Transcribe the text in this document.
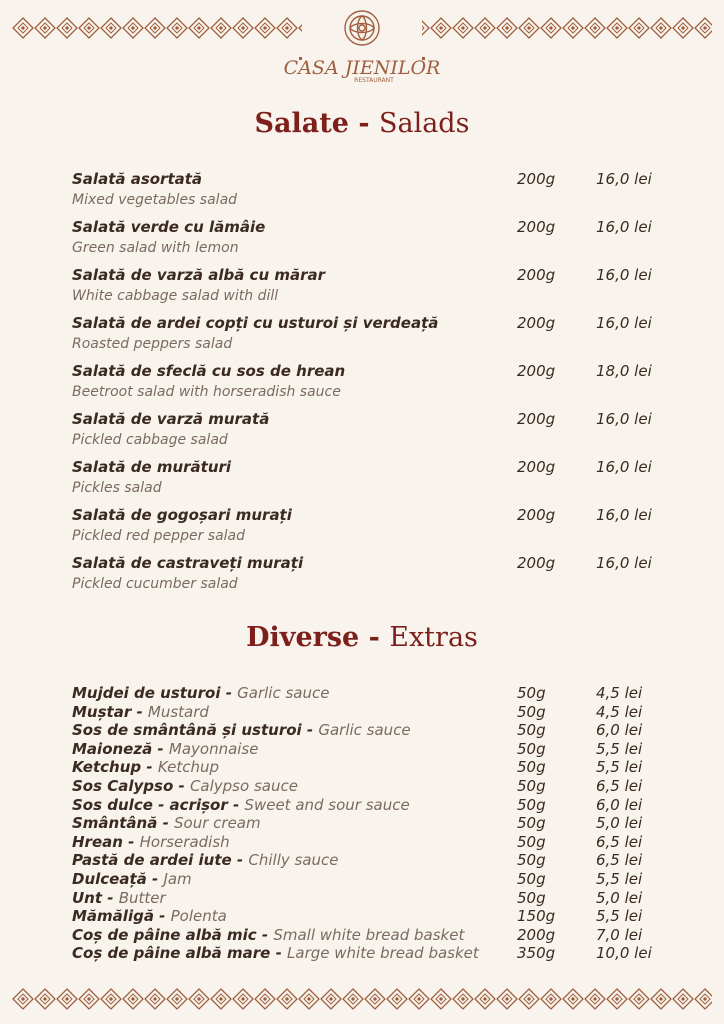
CASA JIENILOR
RESTAURANT
Salate - Salads
Salată asortată
Mixed vegetables salad
200g	16,0 lei
Salată verde cu lămâie
Green salad with lemon
200g	16,0 lei
Salată de varză albă cu mărar
White cabbage salad with dill
200g	16,0 lei
Salată de ardei copți cu usturoi și verdeață
Roasted peppers salad
200g	16,0 lei
Salată de sfeclă cu sos de hrean
Beetroot salad with horseradish sauce
200g	18,0 lei
Salată de varză murată
Pickled cabbage salad
200g	16,0 lei
Salată de murături
Pickles salad
200g	16,0 lei
Salată de gogoșari murați
Pickled red pepper salad
200g	16,0 lei
Salată de castraveți murați
Pickled cucumber salad
200g	16,0 lei
Diverse - Extras
Mujdei de usturoi - Garlic sauce	50g	4,5 lei
Muștar - Mustard	50g	4,5 lei
Sos de smântână și usturoi - Garlic sauce	50g	6,0 lei
Maioneză - Mayonnaise	50g	5,5 lei
Ketchup - Ketchup	50g	5,5 lei
Sos Calypso - Calypso sauce	50g	6,5 lei
Sos dulce - acrișor - Sweet and sour sauce	50g	6,0 lei
Smântână - Sour cream	50g	5,0 lei
Hrean - Horseradish	50g	6,5 lei
Pastă de ardei iute - Chilly sauce	50g	6,5 lei
Dulceață - Jam	50g	5,5 lei
Unt - Butter	50g	5,0 lei
Mămăligă - Polenta	150g	5,5 lei
Coș de pâine albă mic - Small white bread basket	200g	7,0 lei
Coș de pâine albă mare - Large white bread basket	350g	10,0 lei
